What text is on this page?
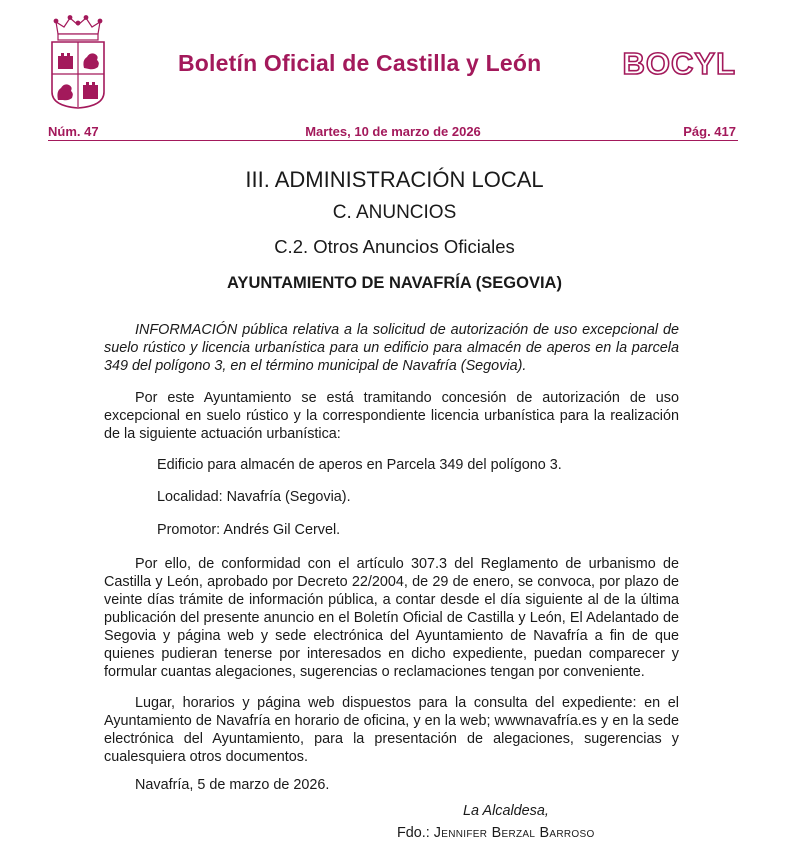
Boletín Oficial de Castilla y León	BOCYL
Núm. 47	Martes, 10 de marzo de 2026	Pág. 417
III. ADMINISTRACIÓN LOCAL
C. ANUNCIOS
C.2. Otros Anuncios Oficiales
AYUNTAMIENTO DE NAVAFRÍA (SEGOVIA)

INFORMACIÓN pública relativa a la solicitud de autorización de uso excepcional de suelo rústico y licencia urbanística para un edificio para almacén de aperos en la parcela 349 del polígono 3, en el término municipal de Navafría (Segovia).

Por este Ayuntamiento se está tramitando concesión de autorización de uso excepcional en suelo rústico y la correspondiente licencia urbanística para la realización de la siguiente actuación urbanística:

Edificio para almacén de aperos en Parcela 349 del polígono 3.
Localidad: Navafría (Segovia).
Promotor: Andrés Gil Cervel.

Por ello, de conformidad con el artículo 307.3 del Reglamento de urbanismo de Castilla y León, aprobado por Decreto 22/2004, de 29 de enero, se convoca, por plazo de veinte días trámite de información pública, a contar desde el día siguiente al de la última publicación del presente anuncio en el Boletín Oficial de Castilla y León, El Adelantado de Segovia y página web y sede electrónica del Ayuntamiento de Navafría a fin de que quienes pudieran tenerse por interesados en dicho expediente, puedan comparecer y formular cuantas alegaciones, sugerencias o reclamaciones tengan por conveniente.

Lugar, horarios y página web dispuestos para la consulta del expediente: en el Ayuntamiento de Navafría en horario de oficina, y en la web; wwwnavafría.es y en la sede electrónica del Ayuntamiento, para la presentación de alegaciones, sugerencias y cualesquiera otros documentos.

Navafría, 5 de marzo de 2026.
La Alcaldesa,
Fdo.: Jennifer Berzal Barroso
